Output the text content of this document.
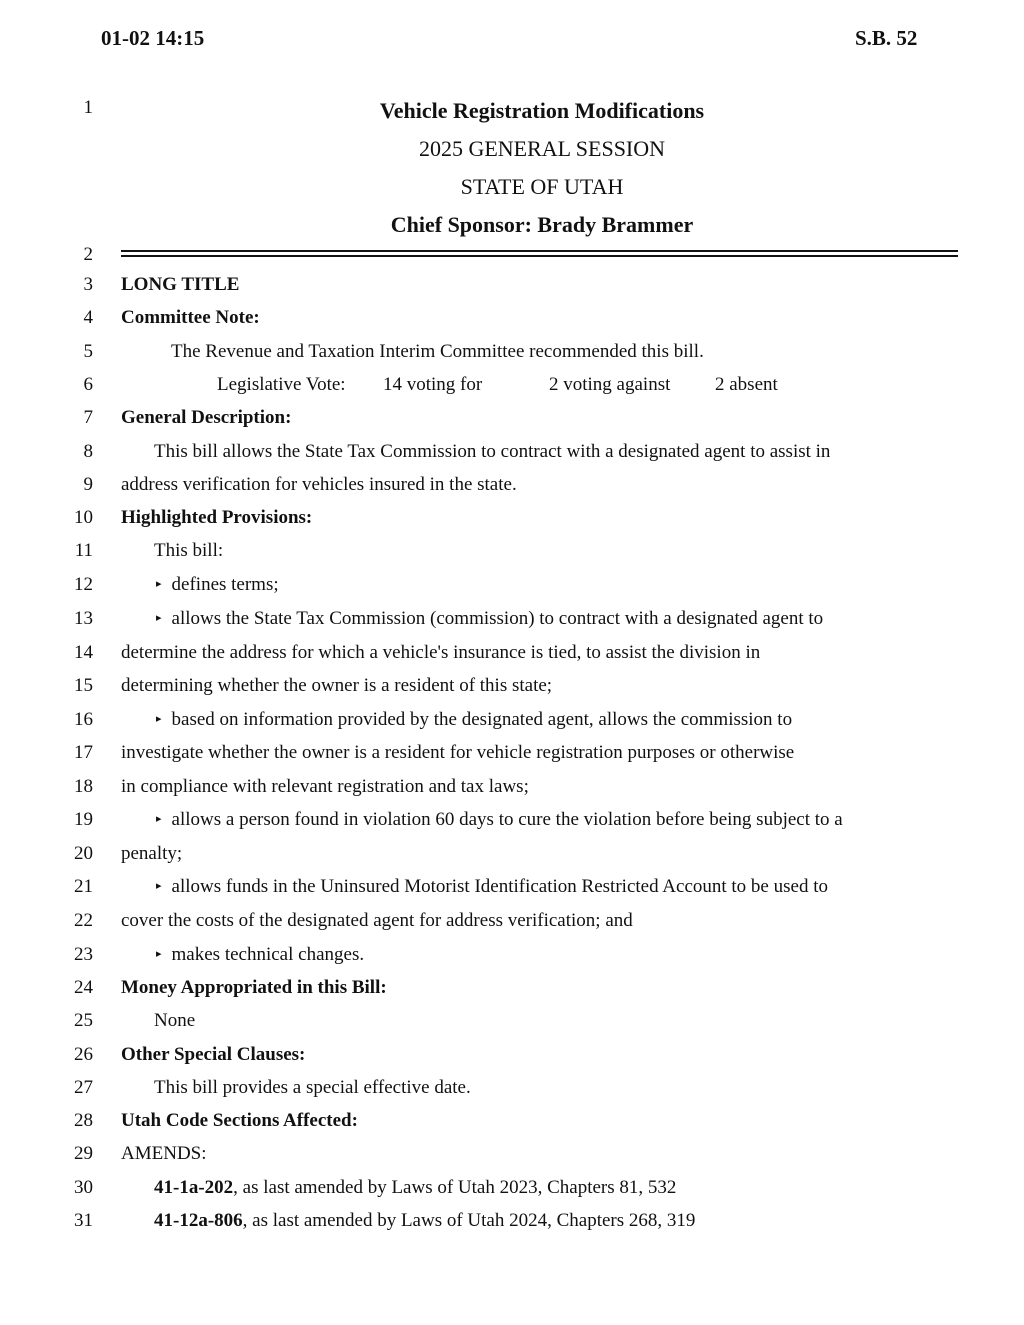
01-02 14:15	S.B. 52
Vehicle Registration Modifications
2025 GENERAL SESSION
STATE OF UTAH
Chief Sponsor: Brady Brammer
1
2
3
4
5
6
7
8
9
10
11
12
13
14
15
16
17
18
19
20
21
22
23
24
25
26
27
28
29
30
31
LONG TITLE
Committee Note:
The Revenue and Taxation Interim Committee recommended this bill.
Legislative Vote: 14 voting for	2 voting against 2 absent
General Description:
This bill allows the State Tax Commission to contract with a designated agent to assist in
address verification for vehicles insured in the state.
Highlighted Provisions:
This bill:
▸ defines terms;
▸ allows the State Tax Commission (commission) to contract with a designated agent to
determine the address for which a vehicle's insurance is tied, to assist the division in
determining whether the owner is a resident of this state;
▸ based on information provided by the designated agent, allows the commission to
investigate whether the owner is a resident for vehicle registration purposes or otherwise
in compliance with relevant registration and tax laws;
▸ allows a person found in violation 60 days to cure the violation before being subject to a
penalty;
▸ allows funds in the Uninsured Motorist Identification Restricted Account to be used to
cover the costs of the designated agent for address verification; and
▸ makes technical changes.
Money Appropriated in this Bill:
None
Other Special Clauses:
This bill provides a special effective date.
Utah Code Sections Affected:
AMENDS:
41-1a-202, as last amended by Laws of Utah 2023, Chapters 81, 532
41-12a-806, as last amended by Laws of Utah 2024, Chapters 268, 319
